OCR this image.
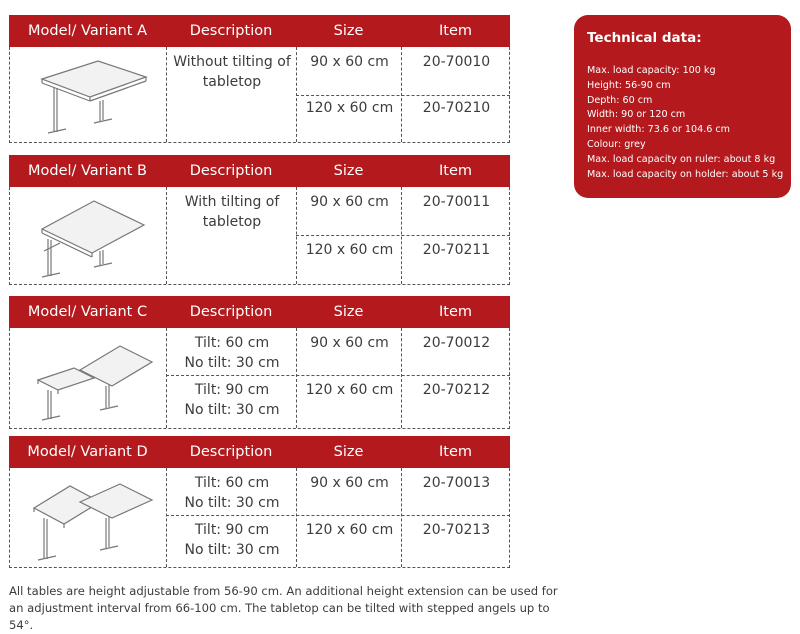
Model/ Variant A	Description	Size	Item
Without tilting of tabletop
90 x 60 cm	20-70010
120 x 60 cm	20-70210
Model/ Variant B	Description	Size	Item
With tilting of tabletop
90 x 60 cm	20-70011
120 x 60 cm	20-70211
Model/ Variant C	Description	Size	Item
Tilt: 60 cm
No tilt: 30 cm
90 x 60 cm	20-70012
Tilt: 90 cm
No tilt: 30 cm
120 x 60 cm	20-70212
Model/ Variant D	Description	Size	Item
Tilt: 60 cm
No tilt: 30 cm
90 x 60 cm	20-70013
Tilt: 90 cm
No tilt: 30 cm
120 x 60 cm	20-70213
Technical data:
Max. load capacity: 100 kg
Height: 56-90 cm
Depth: 60 cm
Width: 90 or 120 cm
Inner width: 73.6 or 104.6 cm
Colour: grey
Max. load capacity on ruler: about 8 kg
Max. load capacity on holder: about 5 kg
All tables are height adjustable from 56-90 cm. An additional height extension can be used for an adjustment interval from 66-100 cm. The tabletop can be tilted with stepped angels up to 54°.
